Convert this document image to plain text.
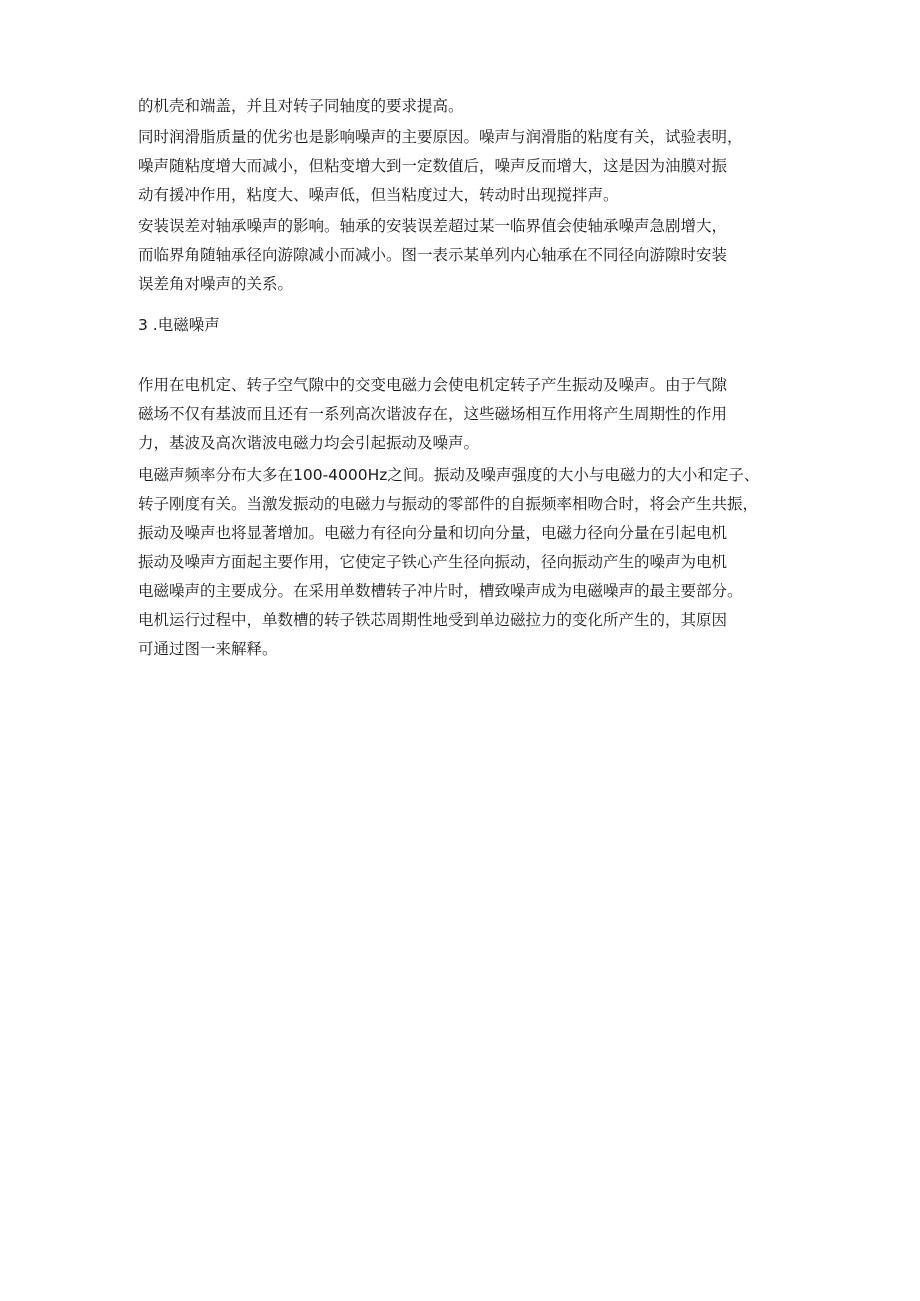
的机壳和端盖，并且对转子同轴度的要求提高。

同时润滑脂质量的优劣也是影响噪声的主要原因。噪声与润滑脂的粘度有关，试验表明，
噪声随粘度增大而减小，但粘变增大到一定数值后，噪声反而增大，这是因为油膜对振
动有援冲作用，粘度大、噪声低，但当粘度过大，转动时出现搅拌声。

安装误差对轴承噪声的影响。轴承的安装误差超过某一临界值会使轴承噪声急剧增大，
而临界角随轴承径向游隙减小而减小。图一表示某单列内心轴承在不同径向游隙时安装
误差角对噪声的关系。

3 .电磁噪声

作用在电机定、转子空气隙中的交变电磁力会使电机定转子产生振动及噪声。由于气隙
磁场不仅有基波而且还有一系列高次谐波存在，这些磁场相互作用将产生周期性的作用
力，基波及高次谐波电磁力均会引起振动及噪声。

电磁声频率分布大多在100-4000Hz之间。振动及噪声强度的大小与电磁力的大小和定子、
转子刚度有关。当激发振动的电磁力与振动的零部件的自振频率相吻合时，将会产生共振，
振动及噪声也将显著增加。电磁力有径向分量和切向分量，电磁力径向分量在引起电机
振动及噪声方面起主要作用，它使定子铁心产生径向振动，径向振动产生的噪声为电机
电磁噪声的主要成分。在采用单数槽转子冲片时，槽致噪声成为电磁噪声的最主要部分。
电机运行过程中，单数槽的转子铁芯周期性地受到单边磁拉力的变化所产生的，其原因
可通过图一来解释。
